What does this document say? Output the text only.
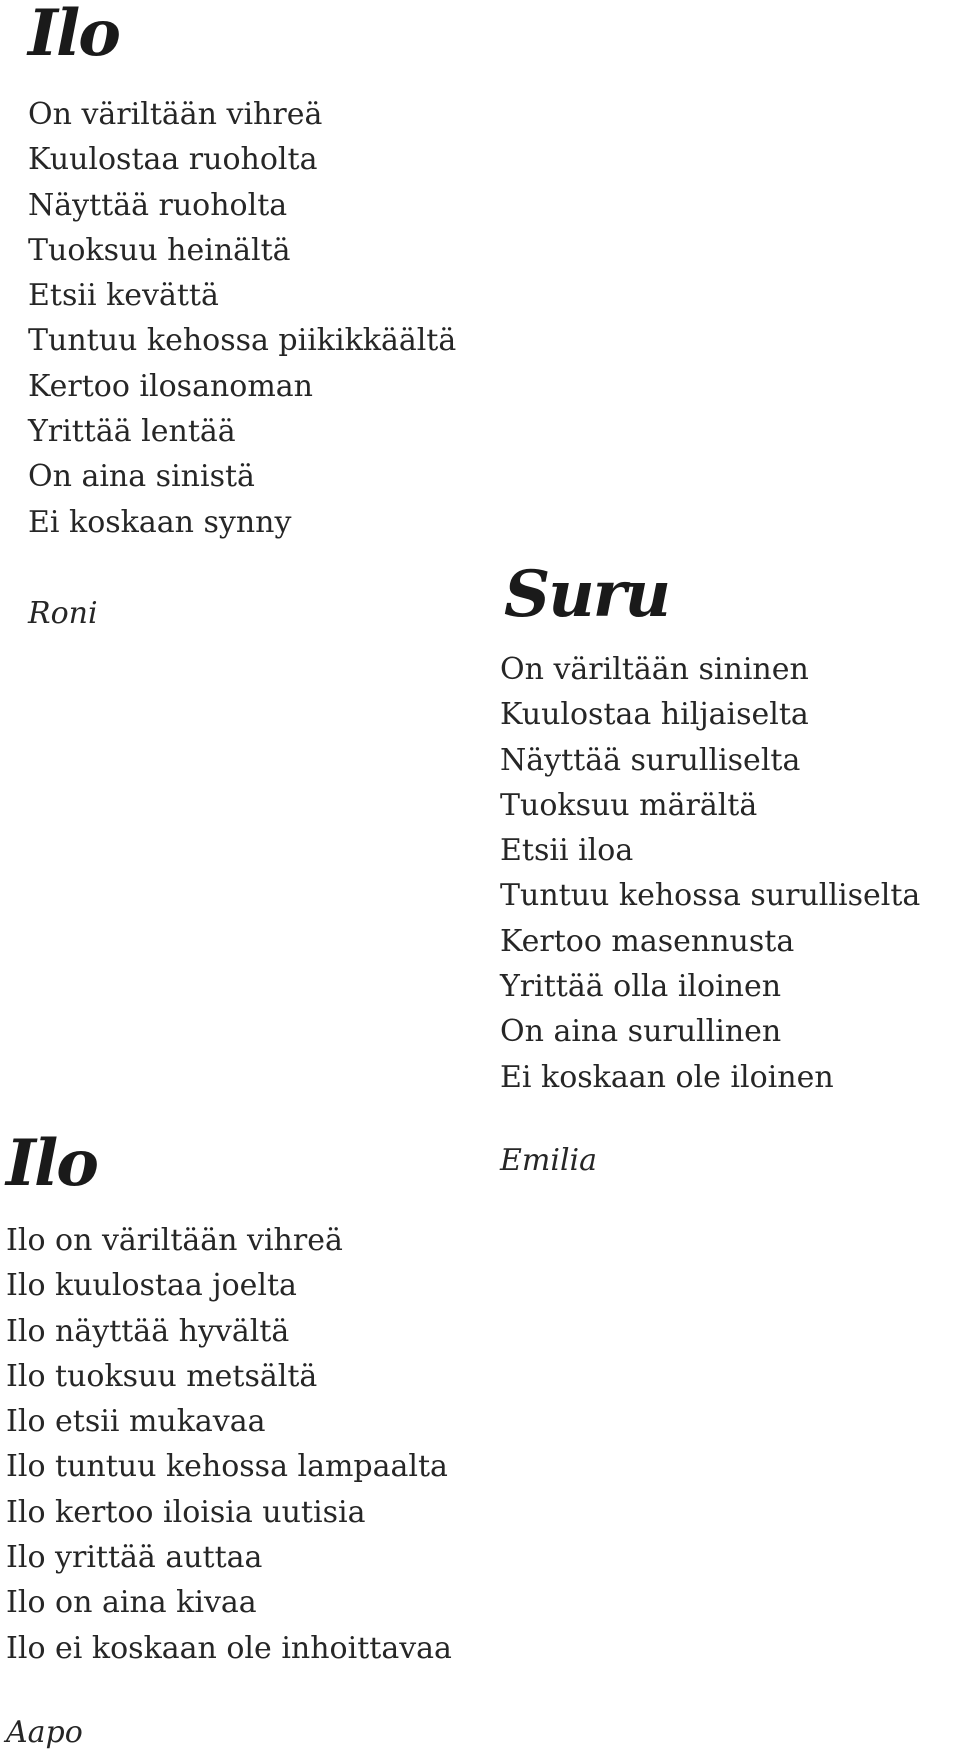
Ilo
On väriltään vihreä
Kuulostaa ruoholta
Näyttää ruoholta
Tuoksuu heinältä
Etsii kevättä
Tuntuu kehossa piikikkäältä
Kertoo ilosanoman
Yrittää lentää
On aina sinistä
Ei koskaan synny
Roni	Suru
On väriltään sininen
Kuulostaa hiljaiselta
Näyttää surulliselta
Tuoksuu märältä
Etsii iloa
Tuntuu kehossa surulliselta
Kertoo masennusta
Yrittää olla iloinen
On aina surullinen
Ei koskaan ole iloinen
Emilia
Ilo
Ilo on väriltään vihreä
Ilo kuulostaa joelta
Ilo näyttää hyvältä
Ilo tuoksuu metsältä
Ilo etsii mukavaa
Ilo tuntuu kehossa lampaalta
Ilo kertoo iloisia uutisia
Ilo yrittää auttaa
Ilo on aina kivaa
Ilo ei koskaan ole inhoittavaa
Aapo
